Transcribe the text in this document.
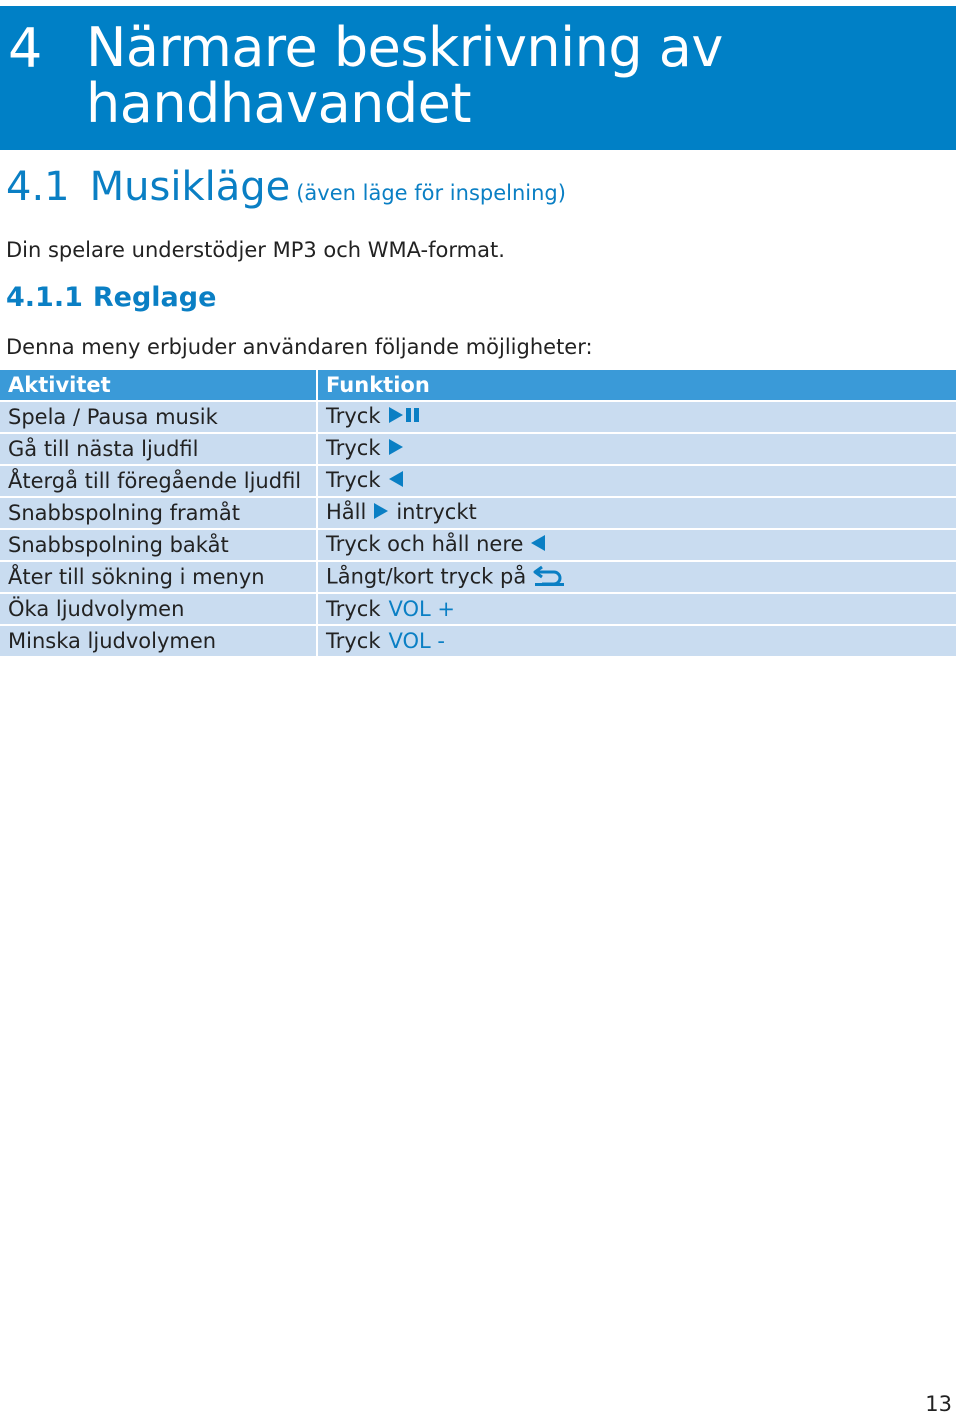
4 Närmare beskrivning av handhavandet
4.1 Musikläge (även läge för inspelning)
Din spelare understödjer MP3 och WMA-format.
4.1.1 Reglage
Denna meny erbjuder användaren följande möjligheter:
Aktivitet	Funktion
Spela / Pausa musik	Tryck
Gå till nästa ljudfil	Tryck
Återgå till föregående ljudfil	Tryck
Snabbspolning framåt	Håll intryckt
Snabbspolning bakåt	Tryck och håll nere
Åter till sökning i menyn	Långt/kort tryck på
Öka ljudvolymen	Tryck VOL +
Minska ljudvolymen	Tryck VOL -
13
